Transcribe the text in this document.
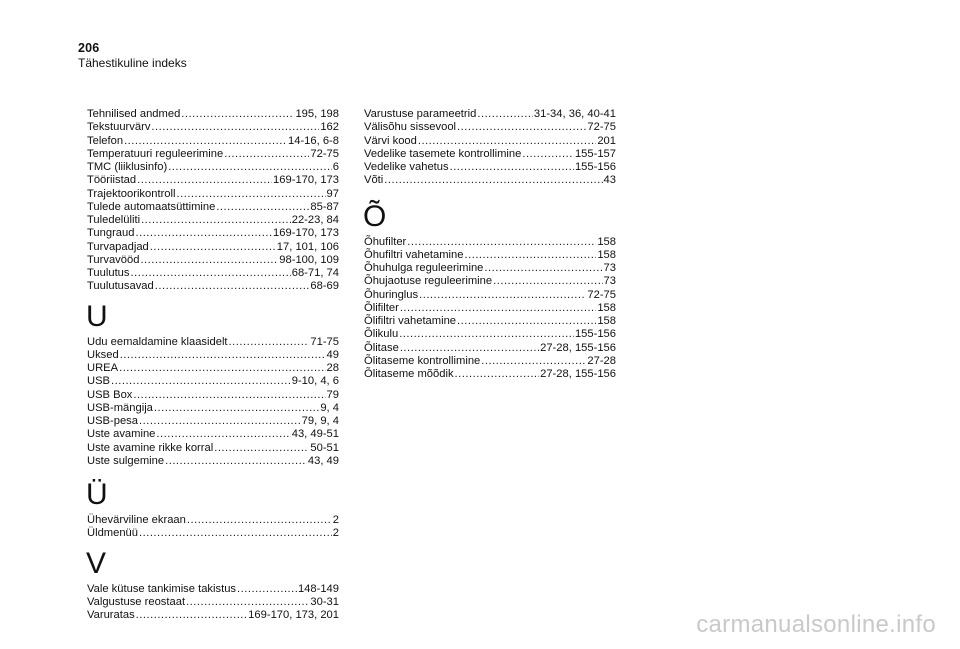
206
Tähestikuline indeks
Tehnilised andmed .....	195, 198
Tekstuurvärv .....	162
Telefon .....	14-16, 6-8
Temperatuuri reguleerimine .....	72-75
TMC (liiklusinfo) .....	6
Tööriistad .....	169-170, 173
Trajektoorikontroll .....	97
Tulede automaatsüttimine .....	85-87
Tuledelüliti .....	22-23, 84
Tungraud .....	169-170, 173
Turvapadjad .....	17, 101, 106
Turvavööd .....	98-100, 109
Tuulutus .....	68-71, 74
Tuulutusavad .....	68-69
U
Udu eemaldamine klaasidelt .....	71-75
Uksed .....	49
UREA .....	28
USB .....	9-10, 4, 6
USB Box .....	79
USB-mängija .....	9, 4
USB-pesa .....	79, 9, 4
Uste avamine .....	43, 49-51
Uste avamine rikke korral .....	50-51
Uste sulgemine .....	43, 49
Ü
Ühevärviline ekraan .....	2
Üldmenüü .....	2
V
Vale kütuse tankimise takistus .....	148-149
Valgustuse reostaat .....	30-31
Varuratas .....	169-170, 173, 201
Varustuse parameetrid .....	31-34, 36, 40-41
Välisõhu sissevool .....	72-75
Värvi kood .....	201
Vedelike tasemete kontrollimine .....	155-157
Vedelike vahetus .....	155-156
Võti .....	43
Õ
Õhufilter .....	158
Õhufiltri vahetamine .....	158
Õhuhulga reguleerimine .....	73
Õhujaotuse reguleerimine .....	73
Õhuringlus .....	72-75
Õlifilter .....	158
Õlifiltri vahetamine .....	158
Õlikulu .....	155-156
Õlitase .....	27-28, 155-156
Õlitaseme kontrollimine .....	27-28
Õlitaseme mõõdik .....	27-28, 155-156
carmanualsonline.info
